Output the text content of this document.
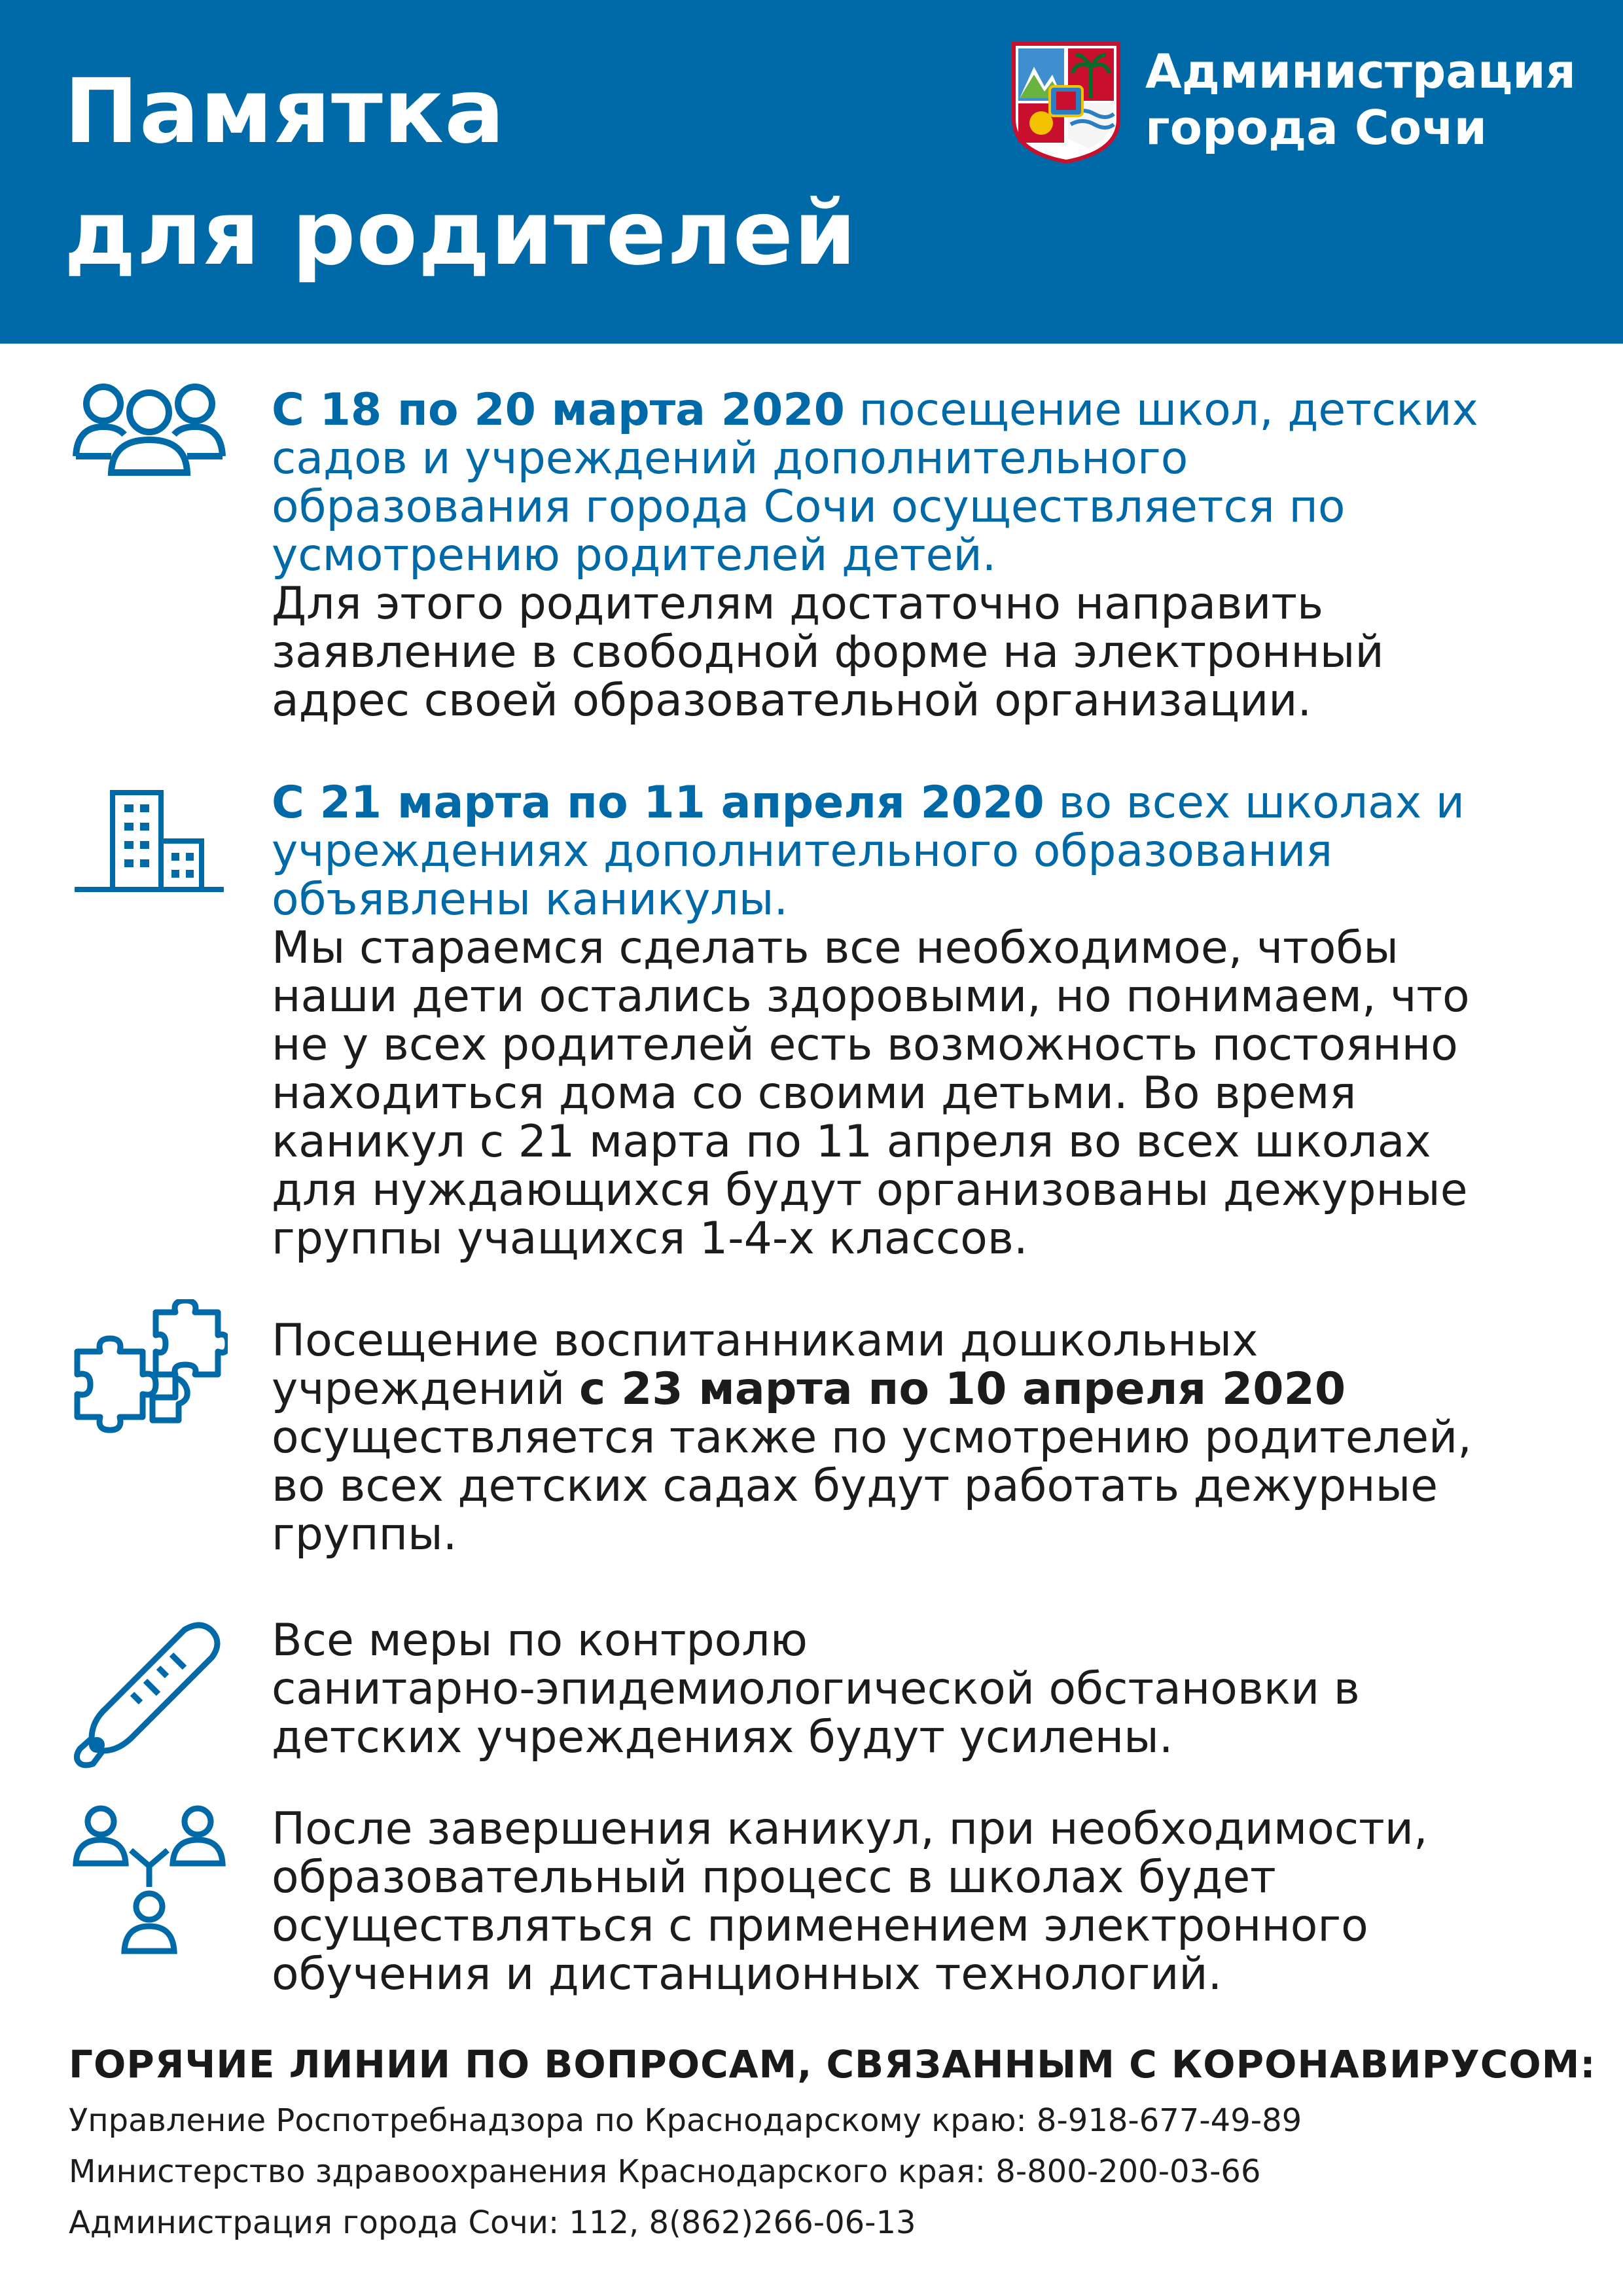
Памятка
для родителей
Администрация
города Сочи
С 18 по 20 марта 2020 посещение школ, детских
садов и учреждений дополнительного
образования города Сочи осуществляется по
усмотрению родителей детей.
Для этого родителям достаточно направить
заявление в свободной форме на электронный
адрес своей образовательной организации.
С 21 марта по 11 апреля 2020 во всех школах и
учреждениях дополнительного образования
объявлены каникулы.
Мы стараемся сделать все необходимое, чтобы
наши дети остались здоровыми, но понимаем, что
не у всех родителей есть возможность постоянно
находиться дома со своими детьми. Во время
каникул с 21 марта по 11 апреля во всех школах
для нуждающихся будут организованы дежурные
группы учащихся 1-4-х классов.
Посещение воспитанниками дошкольных
учреждений с 23 марта по 10 апреля 2020
осуществляется также по усмотрению родителей,
во всех детских садах будут работать дежурные
группы.
Все меры по контролю
санитарно-эпидемиологической обстановки в
детских учреждениях будут усилены.
После завершения каникул, при необходимости,
образовательный процесс в школах будет
осуществляться с применением электронного
обучения и дистанционных технологий.
ГОРЯЧИЕ ЛИНИИ ПО ВОПРОСАМ, СВЯЗАННЫМ С КОРОНАВИРУСОМ:
Управление Роспотребнадзора по Краснодарскому краю: 8-918-677-49-89
Министерство здравоохранения Краснодарского края: 8-800-200-03-66
Администрация города Сочи: 112, 8(862)266-06-13
